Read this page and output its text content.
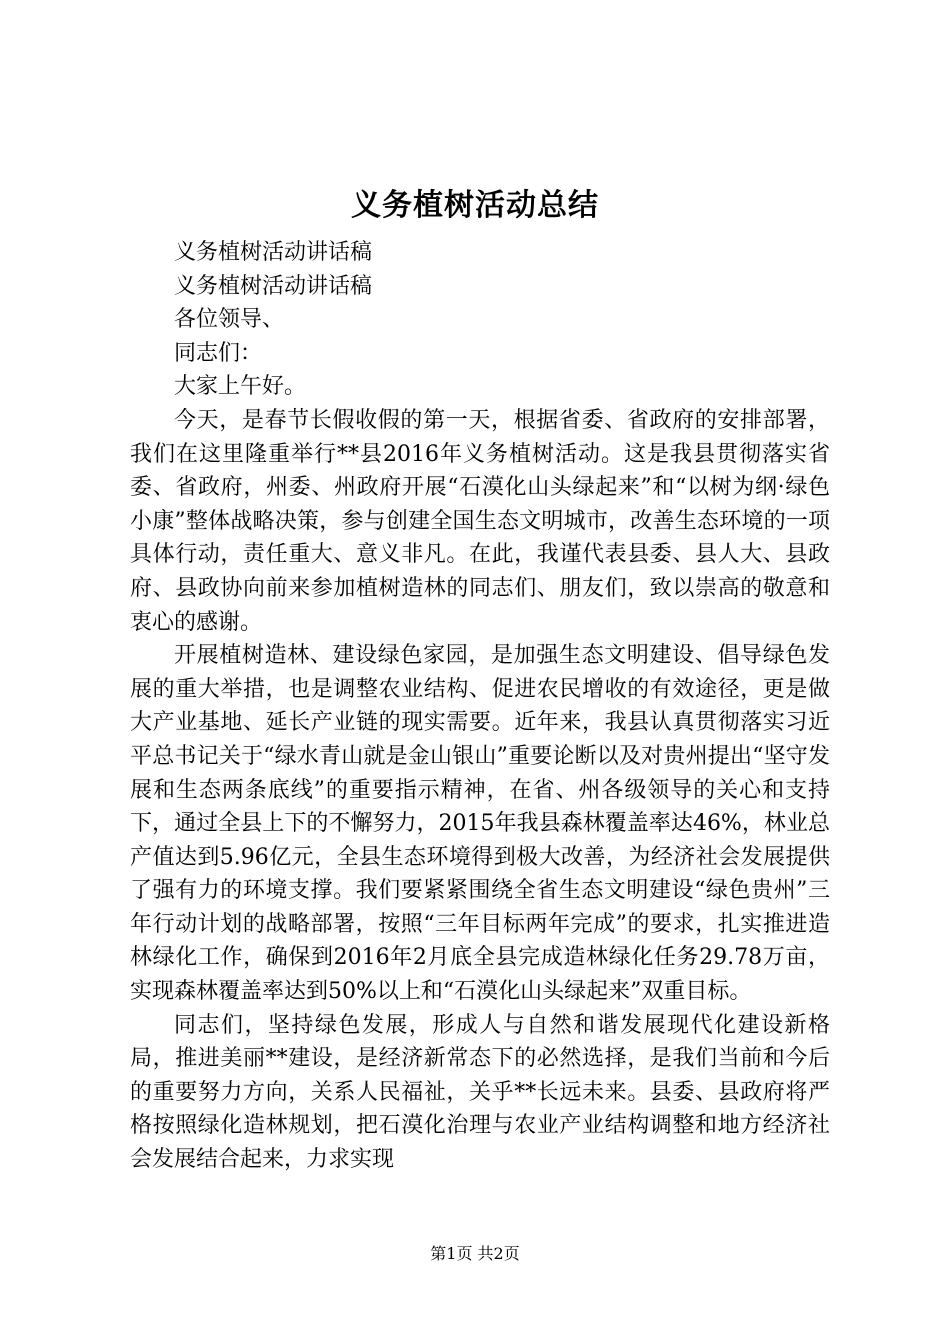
义务植树活动总结

义务植树活动讲话稿

义务植树活动讲话稿

各位领导、

同志们：

大家上午好。

今天，是春节长假收假的第一天，根据省委、省政府的安排部署，我们在这里隆重举行**县2016年义务植树活动。这是我县贯彻落实省委、省政府，州委、州政府开展“石漠化山头绿起来”和“以树为纲·绿色小康”整体战略决策，参与创建全国生态文明城市，改善生态环境的一项具体行动，责任重大、意义非凡。在此，我谨代表县委、县人大、县政府、县政协向前来参加植树造林的同志们、朋友们，致以崇高的敬意和衷心的感谢。

开展植树造林、建设绿色家园，是加强生态文明建设、倡导绿色发展的重大举措，也是调整农业结构、促进农民增收的有效途径，更是做大产业基地、延长产业链的现实需要。近年来，我县认真贯彻落实习近平总书记关于“绿水青山就是金山银山”重要论断以及对贵州提出“坚守发展和生态两条底线”的重要指示精神，在省、州各级领导的关心和支持下，通过全县上下的不懈努力，2015年我县森林覆盖率达46%，林业总产值达到5.96亿元，全县生态环境得到极大改善，为经济社会发展提供了强有力的环境支撑。我们要紧紧围绕全省生态文明建设“绿色贵州”三年行动计划的战略部署，按照“三年目标两年完成”的要求，扎实推进造林绿化工作，确保到2016年2月底全县完成造林绿化任务29.78万亩，实现森林覆盖率达到50%以上和“石漠化山头绿起来”双重目标。

同志们，坚持绿色发展，形成人与自然和谐发展现代化建设新格局，推进美丽**建设，是经济新常态下的必然选择，是我们当前和今后的重要努力方向，关系人民福祉，关乎**长远未来。县委、县政府将严格按照绿化造林规划，把石漠化治理与农业产业结构调整和地方经济社会发展结合起来，力求实现

第1页 共2页
